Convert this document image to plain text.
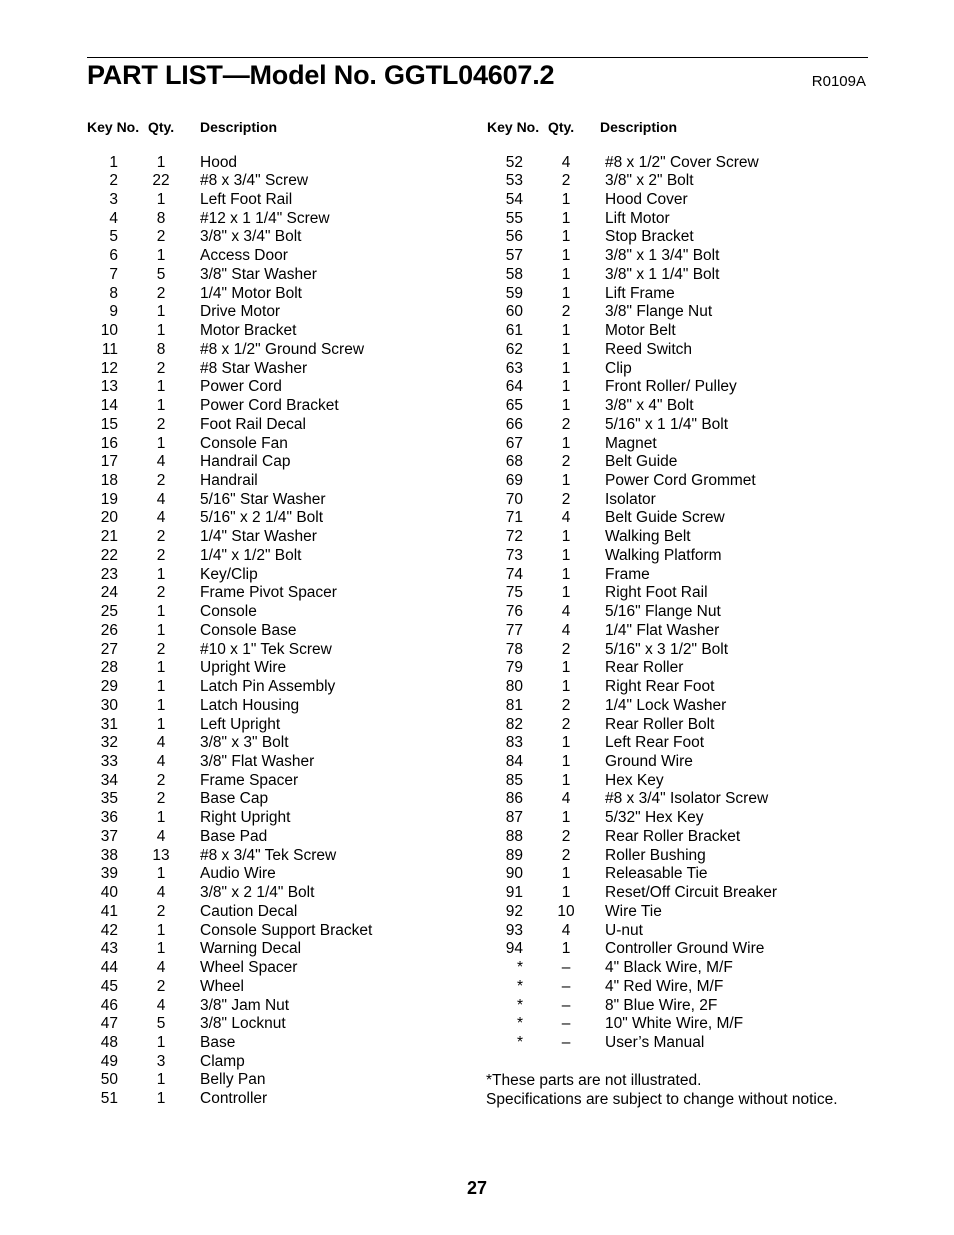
PART LIST—Model No. GGTL04607.2	R0109A
Key No. Qty. Description	Key No. Qty. Description
1	1	Hood
2	22	#8 x 3/4" Screw
3	1	Left Foot Rail
4	8	#12 x 1 1/4" Screw
5	2	3/8" x 3/4" Bolt
6	1	Access Door
7	5	3/8" Star Washer
8	2	1/4" Motor Bolt
9	1	Drive Motor
10	1	Motor Bracket
11	8	#8 x 1/2" Ground Screw
12	2	#8 Star Washer
13	1	Power Cord
14	1	Power Cord Bracket
15	2	Foot Rail Decal
16	1	Console Fan
17	4	Handrail Cap
18	2	Handrail
19	4	5/16" Star Washer
20	4	5/16" x 2 1/4" Bolt
21	2	1/4" Star Washer
22	2	1/4" x 1/2" Bolt
23	1	Key/Clip
24	2	Frame Pivot Spacer
25	1	Console
26	1	Console Base
27	2	#10 x 1" Tek Screw
28	1	Upright Wire
29	1	Latch Pin Assembly
30	1	Latch Housing
31	1	Left Upright
32	4	3/8" x 3" Bolt
33	4	3/8" Flat Washer
34	2	Frame Spacer
35	2	Base Cap
36	1	Right Upright
37	4	Base Pad
38	13	#8 x 3/4" Tek Screw
39	1	Audio Wire
40	4	3/8" x 2 1/4" Bolt
41	2	Caution Decal
42	1	Console Support Bracket
43	1	Warning Decal
44	4	Wheel Spacer
45	2	Wheel
46	4	3/8" Jam Nut
47	5	3/8" Locknut
48	1	Base
49	3	Clamp
50	1	Belly Pan
51	1	Controller
52	4	#8 x 1/2" Cover Screw
53	2	3/8" x 2" Bolt
54	1	Hood Cover
55	1	Lift Motor
56	1	Stop Bracket
57	1	3/8" x 1 3/4" Bolt
58	1	3/8" x 1 1/4" Bolt
59	1	Lift Frame
60	2	3/8" Flange Nut
61	1	Motor Belt
62	1	Reed Switch
63	1	Clip
64	1	Front Roller/ Pulley
65	1	3/8" x 4" Bolt
66	2	5/16" x 1 1/4" Bolt
67	1	Magnet
68	2	Belt Guide
69	1	Power Cord Grommet
70	2	Isolator
71	4	Belt Guide Screw
72	1	Walking Belt
73	1	Walking Platform
74	1	Frame
75	1	Right Foot Rail
76	4	5/16" Flange Nut
77	4	1/4" Flat Washer
78	2	5/16" x 3 1/2" Bolt
79	1	Rear Roller
80	1	Right Rear Foot
81	2	1/4" Lock Washer
82	2	Rear Roller Bolt
83	1	Left Rear Foot
84	1	Ground Wire
85	1	Hex Key
86	4	#8 x 3/4" Isolator Screw
87	1	5/32" Hex Key
88	2	Rear Roller Bracket
89	2	Roller Bushing
90	1	Releasable Tie
91	1	Reset/Off Circuit Breaker
92	10	Wire Tie
93	4	U-nut
94	1	Controller Ground Wire
*	–	4" Black Wire, M/F
*	–	4" Red Wire, M/F
*	–	8" Blue Wire, 2F
*	–	10" White Wire, M/F
*	–	User’s Manual
*These parts are not illustrated.
Specifications are subject to change without notice.
27
